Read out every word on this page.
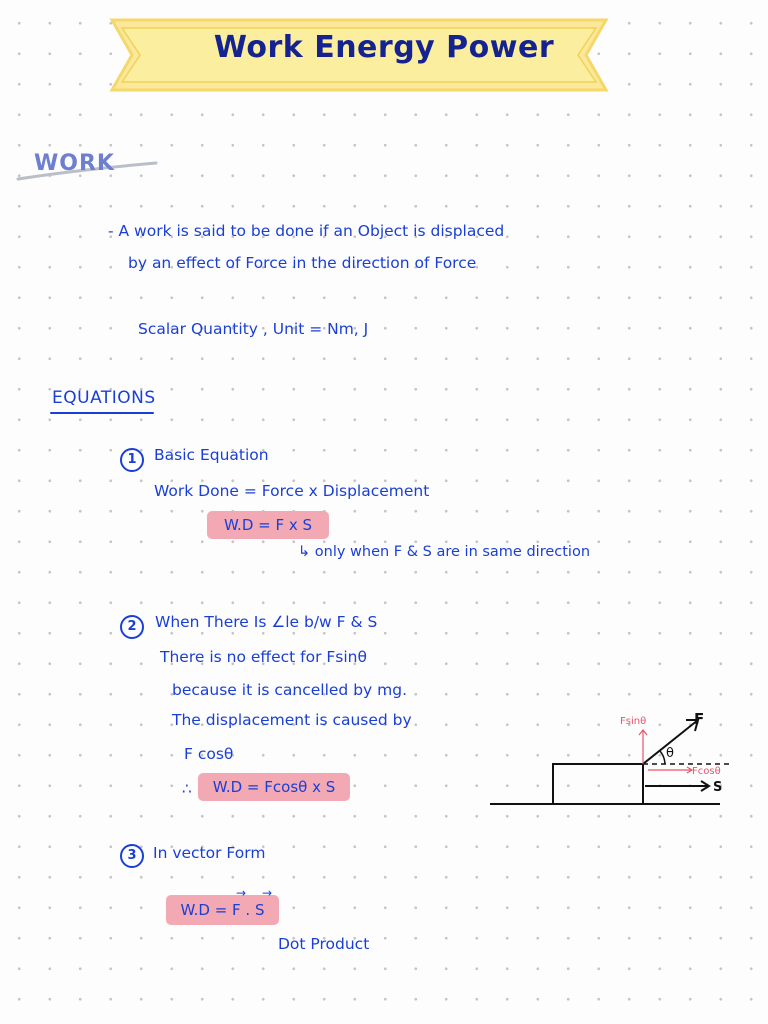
Work Energy Power
WORK
- A work is said to be done if an Object is displaced
by an effect of Force in the direction of Force
Scalar Quantity , Unit = Nm, J
EQUATIONS
1	Basic Equation
Work Done = Force x Displacement
W.D = F x S
↳ only when F & S are in same direction
2	When There Is ∠le b/w F & S
There is no effect for Fsinθ
because it is cancelled by mg.
The displacement is caused by
F cosθ
∴	W.D = Fcosθ x S
F
θ
Fsinθ
Fcosθ
S
3	In vector Form
W.D = F . S
→ →
Dot Product
